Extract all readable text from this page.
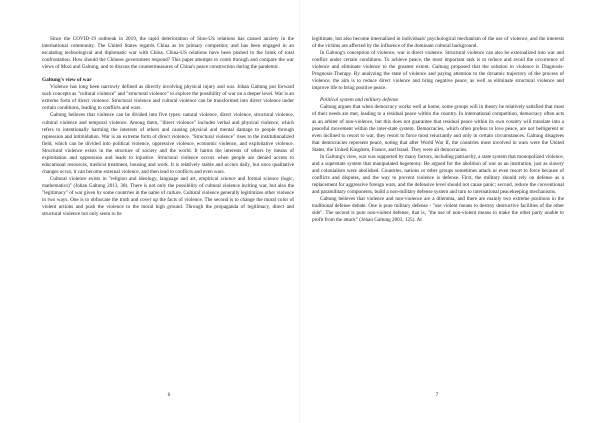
Since the COVID-19 outbreak in 2019, the rapid deterioration of Sino-US relations has caused anxiety in the international community. The United States regards China as its primary competitor, and has been engaged in an escalating technological and diplomatic war with China. China-US relations have been pushed to the brink of total confrontation. How should the Chinese government respond? This paper attempts to comb through and compare the war views of Mozi and Galtung, and to discuss the countermeasures of China's peace construction during the pandemic.

Galtung's view of war

Violence has long been narrowly defined as directly involving physical injury and war. Johan Galtung put forward such concepts as "cultural violence" and "structural violence" to explore the possibility of war on a deeper level. War is an extreme form of direct violence. Structural violence and cultural violence can be transformed into direct violence under certain conditions, leading to conflicts and wars.

Galtung believes that violence can be divided into five types: natural violence, direct violence, structural violence, cultural violence and temporal violence. Among them, "direct violence" includes verbal and physical violence, which refers to intentionally harming the interests of others and causing physical and mental damage to people through repression and intimidation. War is an extreme form of direct violence. "Structural violence" rises to the institutionalized field, which can be divided into political violence, oppressive violence, economic violence, and exploitative violence. Structural violence exists in the structure of society and the world. It harms the interests of others by means of exploitation and oppression and leads to injustice. Structural violence occurs when people are denied access to educational resources, medical treatment, housing and work. It is relatively stable and occurs daily, but once qualitative changes occur, it can become external violence, and then lead to conflicts and even wars.

Cultural violence exists in "religion and ideology, language and art, empirical science and formal science (logic, mathematics)" (Johan Galtung 2013, 38). There is not only the possibility of cultural violence inciting war, but also the "legitimacy" of war given by some countries in the name of culture. Cultural violence generally legitimizes other violence in two ways. One is to obfuscate the truth and cover up the facts of violence. The second is to change the moral color of violent actions and push the violence to the moral high ground. Through the propaganda of legitimacy, direct and structural violence not only seem to be

legitimate, but also become internalized in individuals' psychological mechanism of the use of violence, and the interests of the victims are affected by the influence of the dominant cultural background.

In Galtung's conception of violence, war is direct violence. Structural violence can also be externalized into war and conflict under certain conditions. To achieve peace, the most important task is to reduce and avoid the occurrence of violence and eliminate violence to the greatest extent. Galtung proposed that the solution to violence is Diagnosis-Prognosis-Therapy. By analyzing the state of violence and paying attention to the dynamic trajectory of the process of violence, the aim is to reduce direct violence and bring negative peace, as well as eliminate structural violence and improve life to bring positive peace.

Political system and military defense

Galtung argues that when democracy works well at home, some groups will in theory be relatively satisfied that most of their needs are met, leading to a residual peace within the country. In international competition, democracy often acts as an arbiter of non-violence, but this does not guarantee that residual peace within its own country will translate into a peaceful movement within the inter-state system. Democracies, which often profess to love peace, are not belligerent or even inclined to resort to war, they resort to force most reluctantly and only in certain circumstances. Galtung disagrees that democracies represent peace, noting that after World War II, the countries most involved in wars were the United States, the United Kingdom, France, and Israel. They were all democracies.

In Galtung's view, war was supported by many factors, including patriarchy, a state system that monopolized violence, and a superstate system that manipulated hegemony. He argued for the abolition of war as an institution, just as slavery and colonialism were abolished. Countries, nations or other groups sometimes attack or even resort to force because of conflicts and disputes, and the way to prevent violence is defense. First, the military should rely on defense as a replacement for aggressive foreign wars, and the defensive level should not cause panic; second, reduce the conventional and paramilitary components, build a non-military defense system and turn to international peacekeeping mechanisms.

Galtung believes that violence and non-violence are a dilemma, and there are mainly two extreme positions in the traditional defense debate. One is pure military defense - "use violent means to destroy destructive facilities of the other side". The second is pure non-violent defense, that is, "the use of non-violent means to make the other party unable to profit from the attack" (Johan Galtung 2003, 125). At

6	7
